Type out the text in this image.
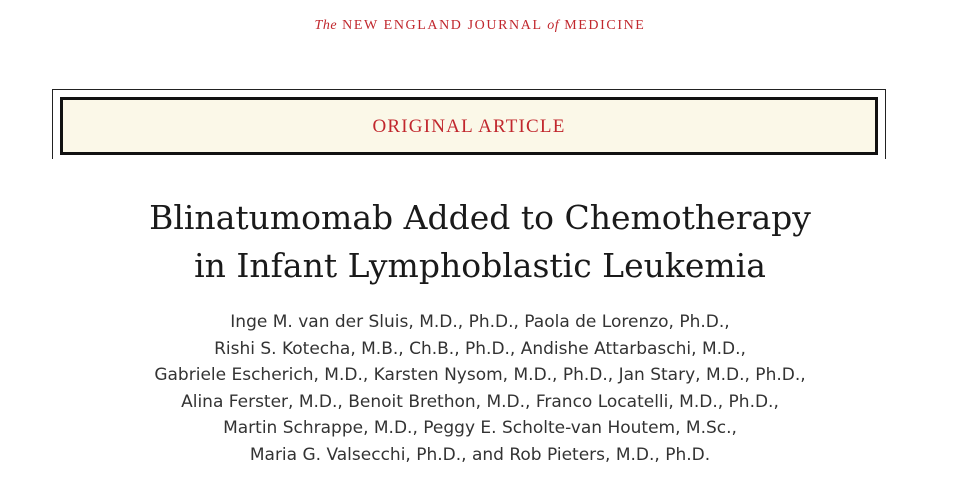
The NEW ENGLAND JOURNAL of MEDICINE
ORIGINAL ARTICLE
Blinatumomab Added to Chemotherapy
in Infant Lymphoblastic Leukemia
Inge M. van der Sluis, M.D., Ph.D., Paola de Lorenzo, Ph.D.,
Rishi S. Kotecha, M.B., Ch.B., Ph.D., Andishe Attarbaschi, M.D.,
Gabriele Escherich, M.D., Karsten Nysom, M.D., Ph.D., Jan Stary, M.D., Ph.D.,
Alina Ferster, M.D., Benoit Brethon, M.D., Franco Locatelli, M.D., Ph.D.,
Martin Schrappe, M.D., Peggy E. Scholte-van Houtem, M.Sc.,
Maria G. Valsecchi, Ph.D., and Rob Pieters, M.D., Ph.D.
